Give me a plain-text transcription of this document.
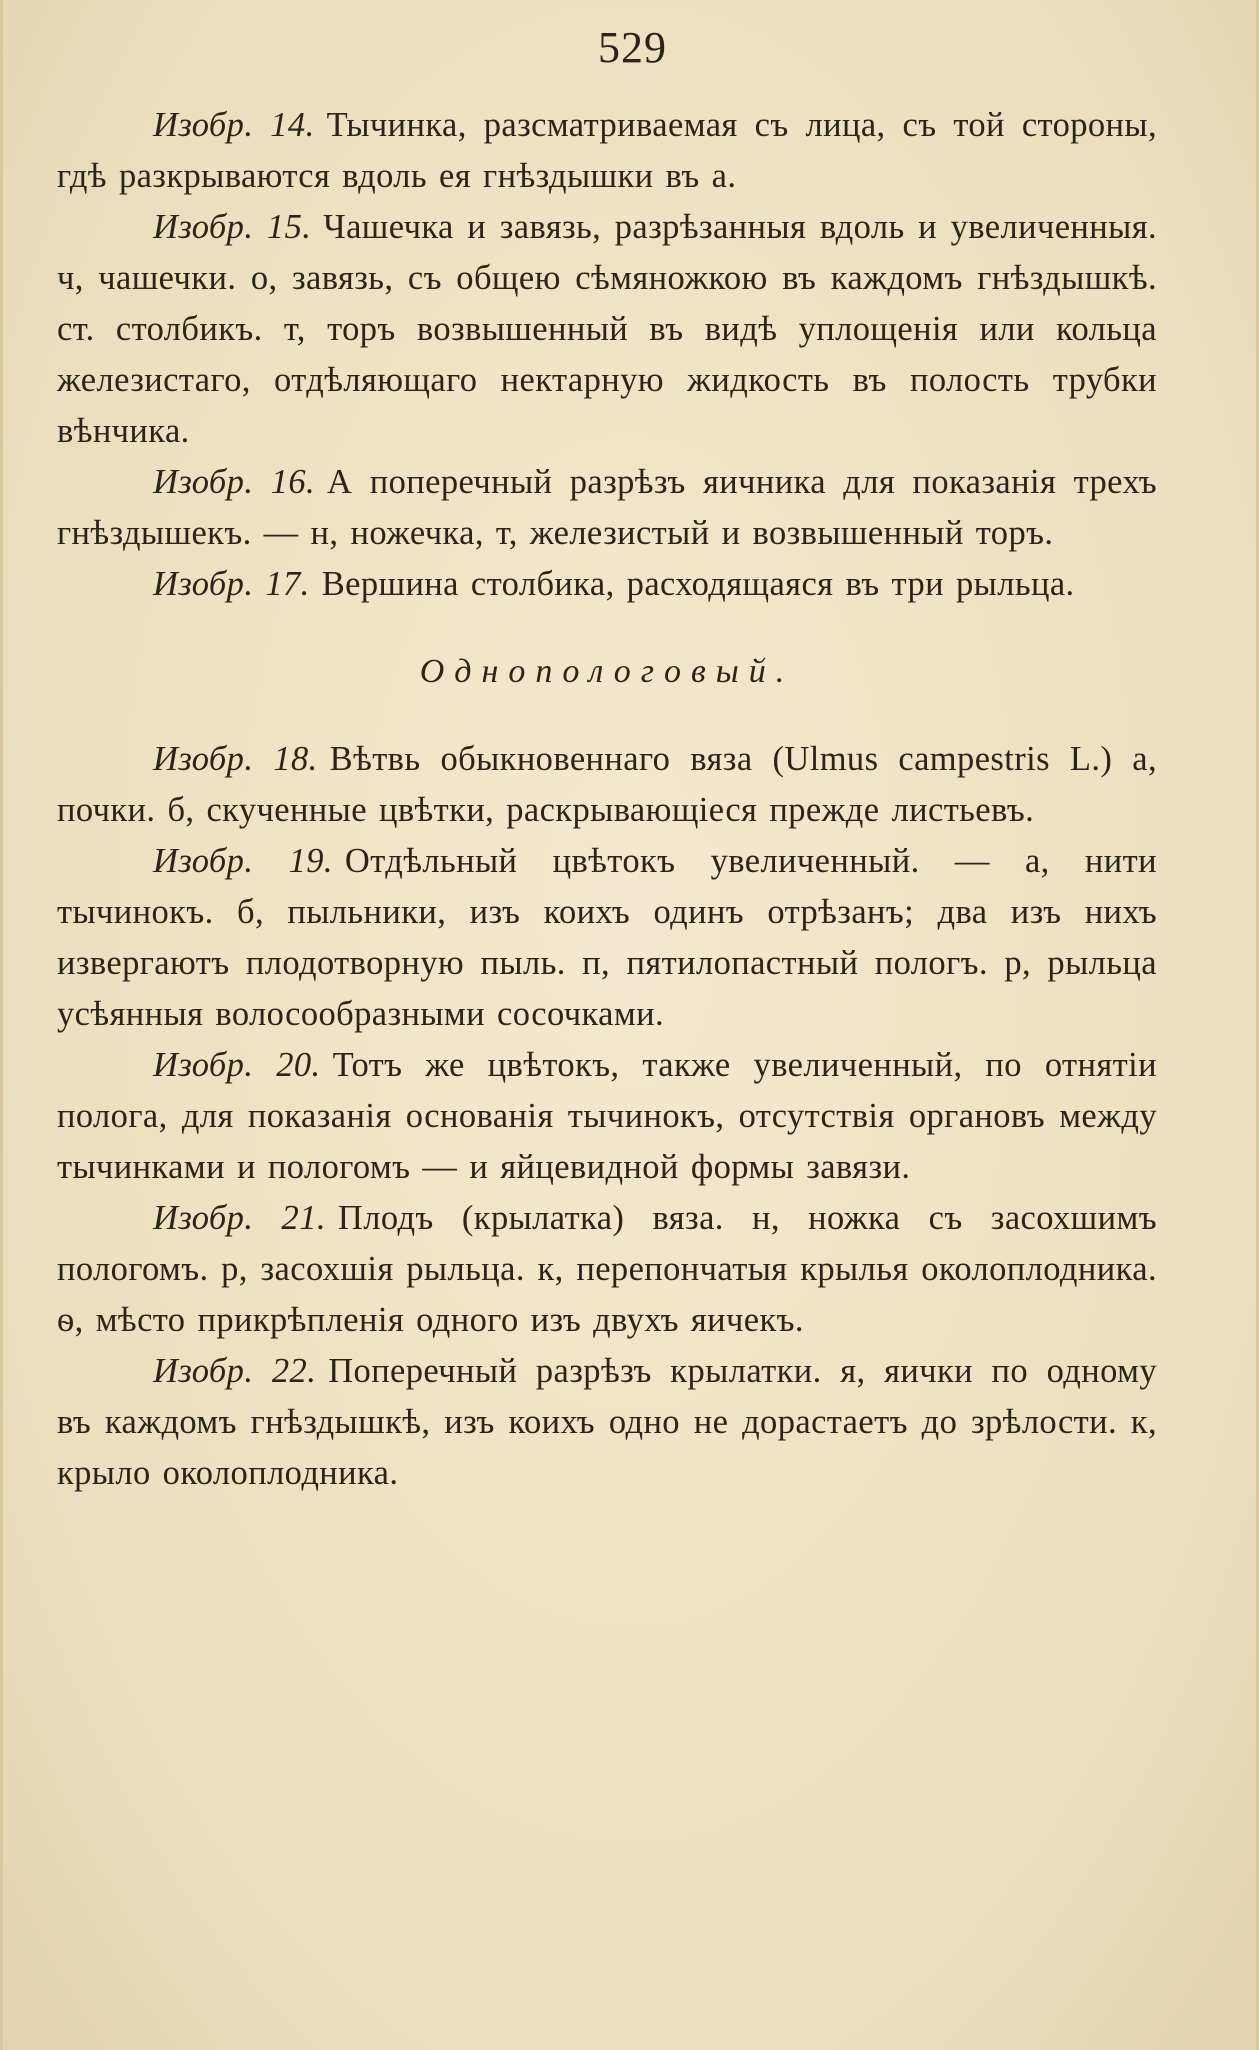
529

Изобр. 14. Тычинка, разсматриваемая съ лица, съ той стороны, гдѣ разкрываются вдоль ея гнѣздышки въ а.

Изобр. 15. Чашечка и завязь, разрѣзанныя вдоль и увеличенныя. ч, чашечки. о, завязь, съ общею сѣмяножкою въ каждомъ гнѣздышкѣ. ст. столбикъ. т, торъ возвышенный въ видѣ уплощенія или кольца железистаго, отдѣляющаго нектарную жидкость въ полость трубки вѣнчика.

Изобр. 16. А поперечный разрѣзъ яичника для показанія трехъ гнѣздышекъ. — н, ножечка, т, железистый и возвышенный торъ.

Изобр. 17. Вершина столбика, расходящаяся въ три рыльца.

Однопологовый.

Изобр. 18. Вѣтвь обыкновеннаго вяза (Ulmus campestris L.) а, почки. б, скученные цвѣтки, раскрывающіеся прежде листьевъ.

Изобр. 19. Отдѣльный цвѣтокъ увеличенный. — а, нити тычинокъ. б, пыльники, изъ коихъ одинъ отрѣзанъ; два изъ нихъ извергаютъ плодотворную пыль. п, пятилопастный пологъ. р, рыльца усѣянныя волосообразными сосочками.

Изобр. 20. Тотъ же цвѣтокъ, также увеличенный, по отнятіи полога, для показанія основанія тычинокъ, отсутствія органовъ между тычинками и пологомъ — и яйцевидной формы завязи.

Изобр. 21. Плодъ (крылатка) вяза. н, ножка съ засохшимъ пологомъ. р, засохшія рыльца. к, перепончатыя крылья околоплодника. ѳ, мѣсто прикрѣпленія одного изъ двухъ яичекъ.

Изобр. 22. Поперечный разрѣзъ крылатки. я, яички по одному въ каждомъ гнѣздышкѣ, изъ коихъ одно не дорастаетъ до зрѣлости. к, крыло околоплодника.
